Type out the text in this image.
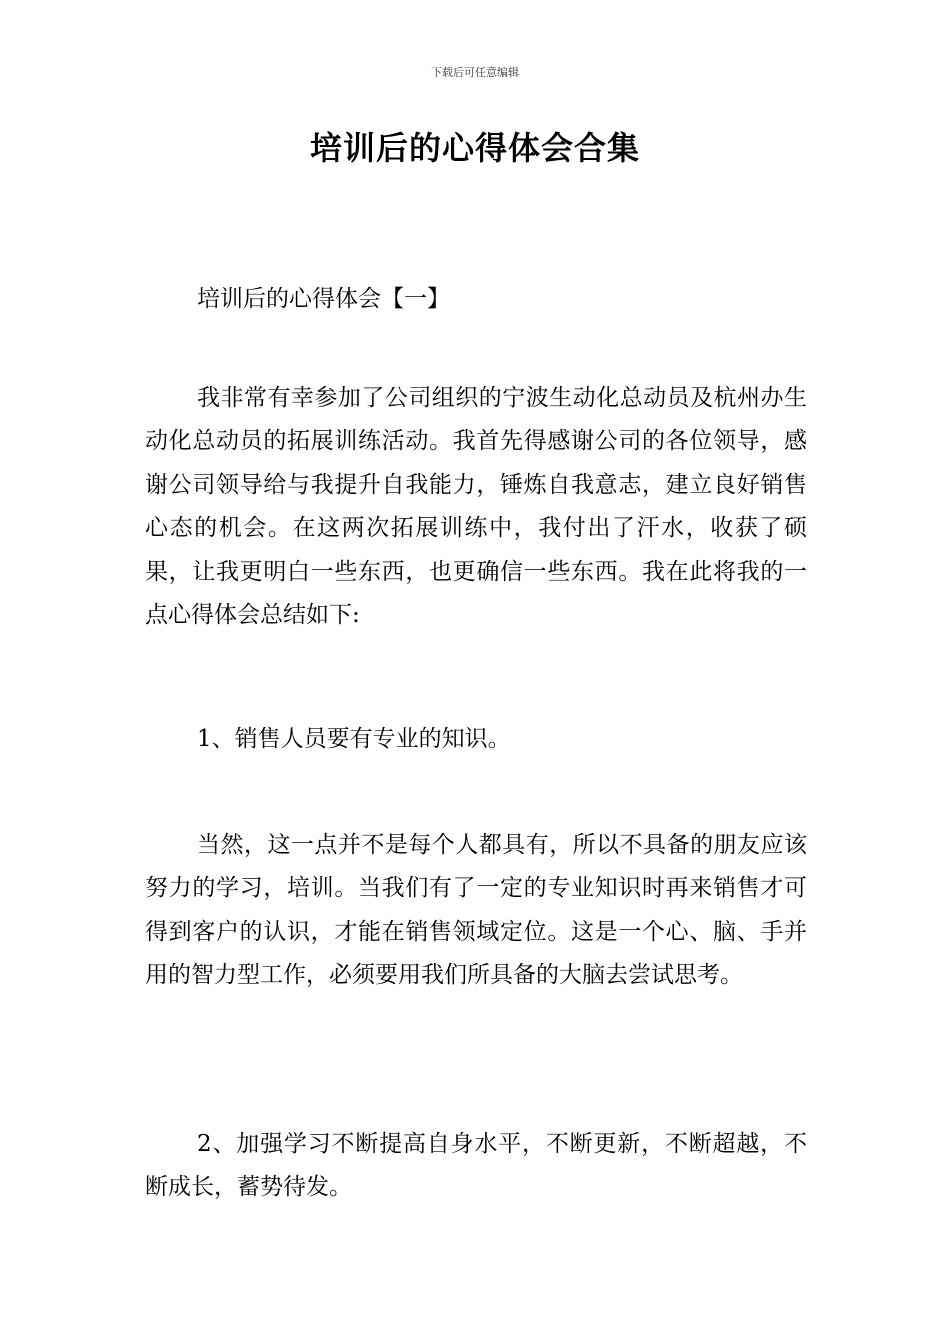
下载后可任意编辑
培训后的心得体会合集

培训后的心得体会【一】

我非常有幸参加了公司组织的宁波生动化总动员及杭州办生动化总动员的拓展训练活动。我首先得感谢公司的各位领导，感谢公司领导给与我提升自我能力，锤炼自我意志，建立良好销售心态的机会。在这两次拓展训练中，我付出了汗水，收获了硕果，让我更明白一些东西，也更确信一些东西。我在此将我的一点心得体会总结如下:

1、销售人员要有专业的知识。

当然，这一点并不是每个人都具有，所以不具备的朋友应该努力的学习，培训。当我们有了一定的专业知识时再来销售才可得到客户的认识，才能在销售领域定位。这是一个心、脑、手并用的智力型工作，必须要用我们所具备的大脑去尝试思考。

2、加强学习不断提高自身水平，不断更新，不断超越，不断成长，蓄势待发。
